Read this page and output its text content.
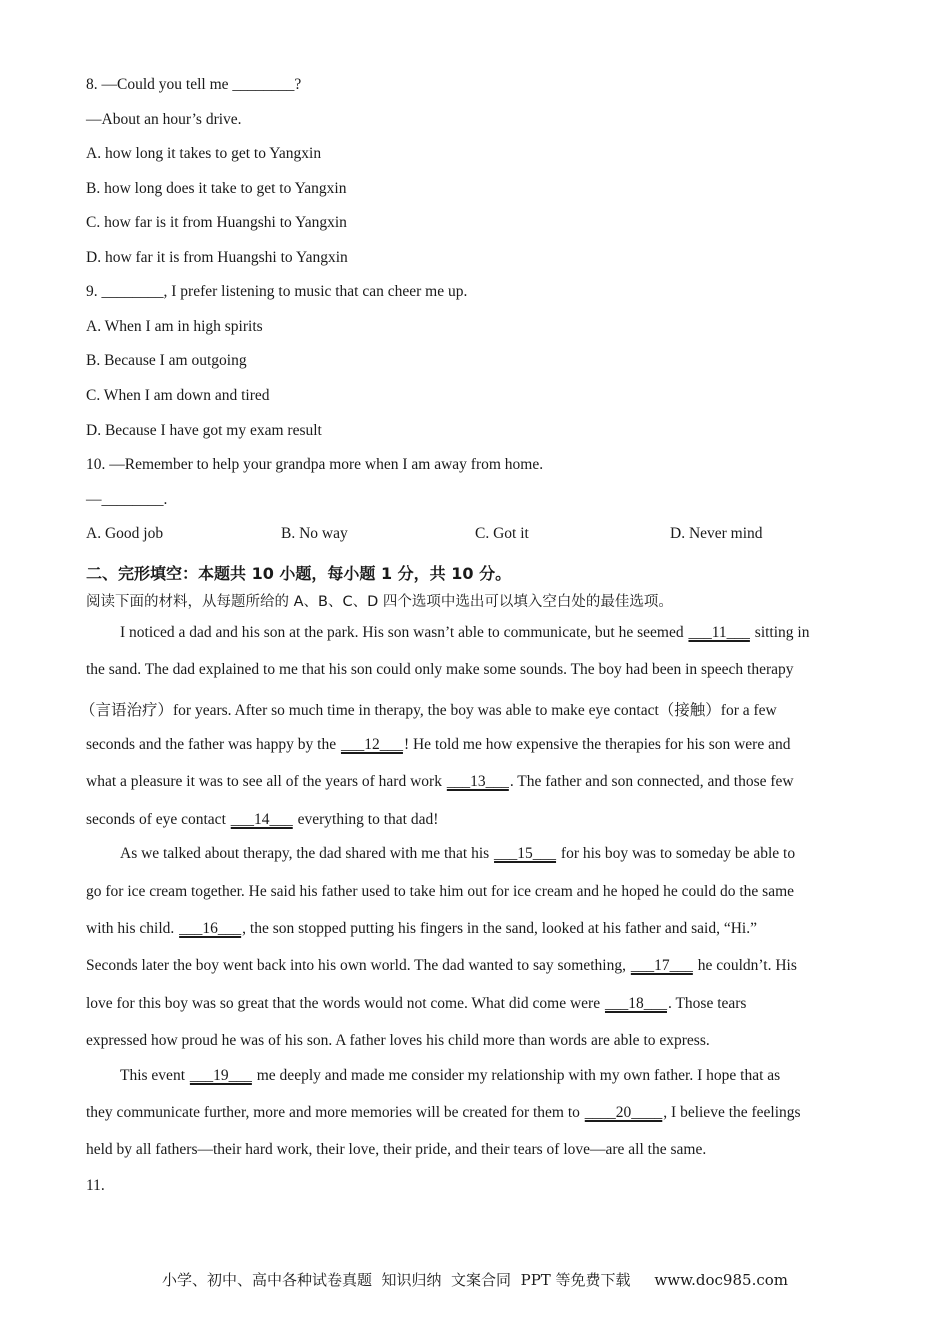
8. —Could you tell me ________?
—About an hour’s drive.
A. how long it takes to get to Yangxin
B. how long does it take to get to Yangxin
C. how far is it from Huangshi to Yangxin
D. how far it is from Huangshi to Yangxin
9. ________, I prefer listening to music that can cheer me up.
A. When I am in high spirits
B. Because I am outgoing
C. When I am down and tired
D. Because I have got my exam result
10. —Remember to help your grandpa more when I am away from home.
—________.
A. Good job	B. No way	C. Got it	D. Never mind
二、完形填空：本题共 10 小题，每小题 1 分，共 10 分。
阅读下面的材料，从每题所给的 A、B、C、D 四个选项中选出可以填入空白处的最佳选项。
I noticed a dad and his son at the park. His son wasn’t able to communicate, but he seemed ___11___ sitting in
the sand. The dad explained to me that his son could only make some sounds. The boy had been in speech therapy
（言语治疗）for years. After so much time in therapy, the boy was able to make eye contact（接触）for a few
seconds and the father was happy by the ___12___! He told me how expensive the therapies for his son were and
what a pleasure it was to see all of the years of hard work ___13___. The father and son connected, and those few
seconds of eye contact ___14___ everything to that dad!
As we talked about therapy, the dad shared with me that his ___15___ for his boy was to someday be able to
go for ice cream together. He said his father used to take him out for ice cream and he hoped he could do the same
with his child. ___16___, the son stopped putting his fingers in the sand, looked at his father and said, “Hi.”
Seconds later the boy went back into his own world. The dad wanted to say something, ___17___ he couldn’t. His
love for this boy was so great that the words would not come. What did come were ___18___. Those tears
expressed how proud he was of his son. A father loves his child more than words are able to express.
This event ___19___ me deeply and made me consider my relationship with my own father. I hope that as
they communicate further, more and more memories will be created for them to ____20____, I believe the feelings
held by all fathers—their hard work, their love, their pride, and their tears of love—are all the same.
11.
小学、初中、高中各种试卷真题  知识归纳  文案合同  PPT 等免费下载     www.doc985.com
